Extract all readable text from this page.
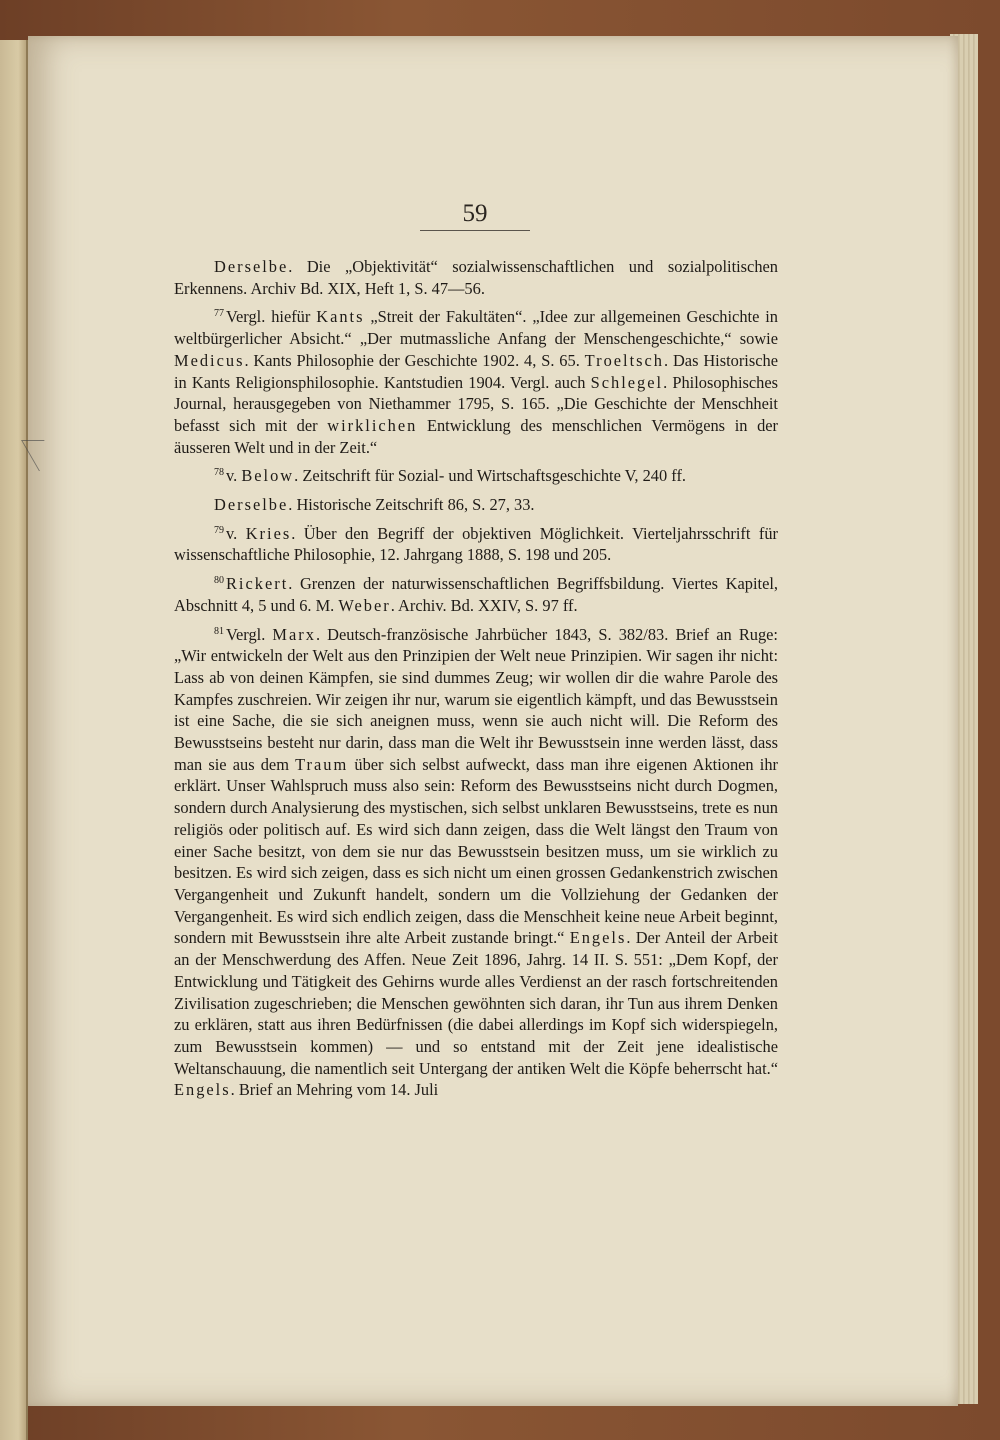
59

Derselbe. Die „Objektivität“ sozialwissenschaftlichen und sozialpolitischen Erkennens. Archiv Bd. XIX, Heft 1, S. 47—56.

$^{77}$ Vergl. hiefür Kants „Streit der Fakultäten“. „Idee zur allgemeinen Geschichte in weltbürgerlicher Absicht.“ „Der mutmassliche Anfang der Menschengeschichte,“ sowie Medicus. Kants Philosophie der Geschichte 1902. 4, S. 65. Troeltsch. Das Historische in Kants Religionsphilosophie. Kantstudien 1904. Vergl. auch Schlegel. Philosophisches Journal, herausgegeben von Niethammer 1795, S. 165. „Die Geschichte der Menschheit befasst sich mit der wirklichen Entwicklung des menschlichen Vermögens in der äusseren Welt und in der Zeit.“

$^{78}$ v. Below. Zeitschrift für Sozial- und Wirtschaftsgeschichte V, 240 ff.

Derselbe. Historische Zeitschrift 86, S. 27, 33.

$^{79}$ v. Kries. Über den Begriff der objektiven Möglichkeit. Vierteljahrsschrift für wissenschaftliche Philosophie, 12. Jahrgang 1888, S. 198 und 205.

$^{80}$ Rickert. Grenzen der naturwissenschaftlichen Begriffsbildung. Viertes Kapitel, Abschnitt 4, 5 und 6. M. Weber. Archiv. Bd. XXIV, S. 97 ff.

$^{81}$ Vergl. Marx. Deutsch-französische Jahrbücher 1843, S. 382/83. Brief an Ruge: „Wir entwickeln der Welt aus den Prinzipien der Welt neue Prinzipien. Wir sagen ihr nicht: Lass ab von deinen Kämpfen, sie sind dummes Zeug; wir wollen dir die wahre Parole des Kampfes zuschreien. Wir zeigen ihr nur, warum sie eigentlich kämpft, und das Bewusstsein ist eine Sache, die sie sich aneignen muss, wenn sie auch nicht will. Die Reform des Bewusstseins besteht nur darin, dass man die Welt ihr Bewusstsein inne werden lässt, dass man sie aus dem Traum über sich selbst aufweckt, dass man ihre eigenen Aktionen ihr erklärt. Unser Wahlspruch muss also sein: Reform des Bewusstseins nicht durch Dogmen, sondern durch Analysierung des mystischen, sich selbst unklaren Bewusstseins, trete es nun religiös oder politisch auf. Es wird sich dann zeigen, dass die Welt längst den Traum von einer Sache besitzt, von dem sie nur das Bewusstsein besitzen muss, um sie wirklich zu besitzen. Es wird sich zeigen, dass es sich nicht um einen grossen Gedankenstrich zwischen Vergangenheit und Zukunft handelt, sondern um die Vollziehung der Gedanken der Vergangenheit. Es wird sich endlich zeigen, dass die Menschheit keine neue Arbeit beginnt, sondern mit Bewusstsein ihre alte Arbeit zustande bringt.“ Engels. Der Anteil der Arbeit an der Menschwerdung des Affen. Neue Zeit 1896, Jahrg. 14 II. S. 551: „Dem Kopf, der Entwicklung und Tätigkeit des Gehirns wurde alles Verdienst an der rasch fortschreitenden Zivilisation zugeschrieben; die Menschen gewöhnten sich daran, ihr Tun aus ihrem Denken zu erklären, statt aus ihren Bedürfnissen (die dabei allerdings im Kopf sich widerspiegeln, zum Bewusstsein kommen) — und so entstand mit der Zeit jene idealistische Weltanschauung, die namentlich seit Untergang der antiken Welt die Köpfe beherrscht hat.“ Engels. Brief an Mehring vom 14. Juli
